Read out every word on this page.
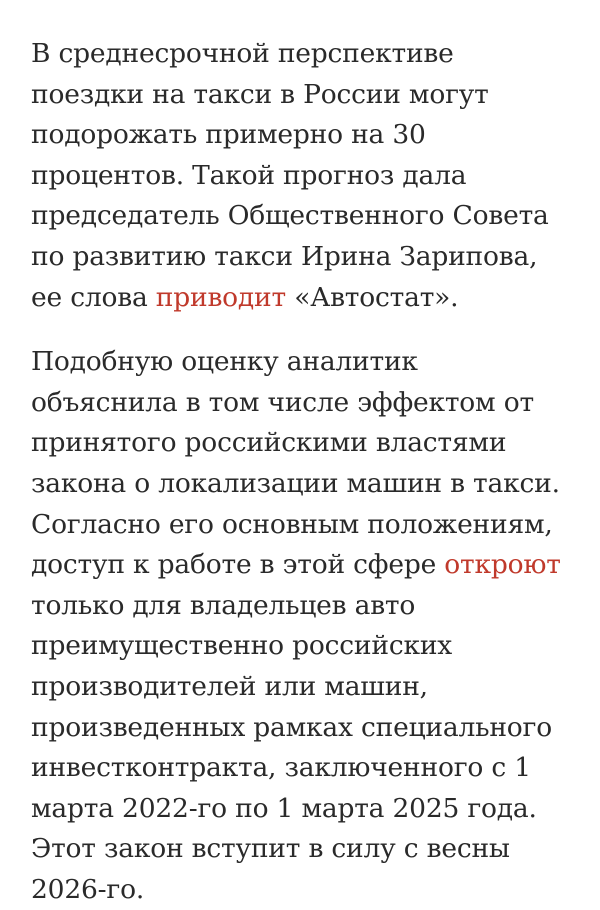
В среднесрочной перспективе
поездки на такси в России могут
подорожать примерно на 30
процентов. Такой прогноз дала
председатель Общественного Совета
по развитию такси Ирина Зарипова,
ее слова приводит «Автостат».

Подобную оценку аналитик
объяснила в том числе эффектом от
принятого российскими властями
закона о локализации машин в такси.
Согласно его основным положениям,
доступ к работе в этой сфере откроют
только для владельцев авто
преимущественно российских
производителей или машин,
произведенных рамках специального
инвестконтракта, заключенного с 1
марта 2022-го по 1 марта 2025 года.
Этот закон вступит в силу с весны
2026-го.
